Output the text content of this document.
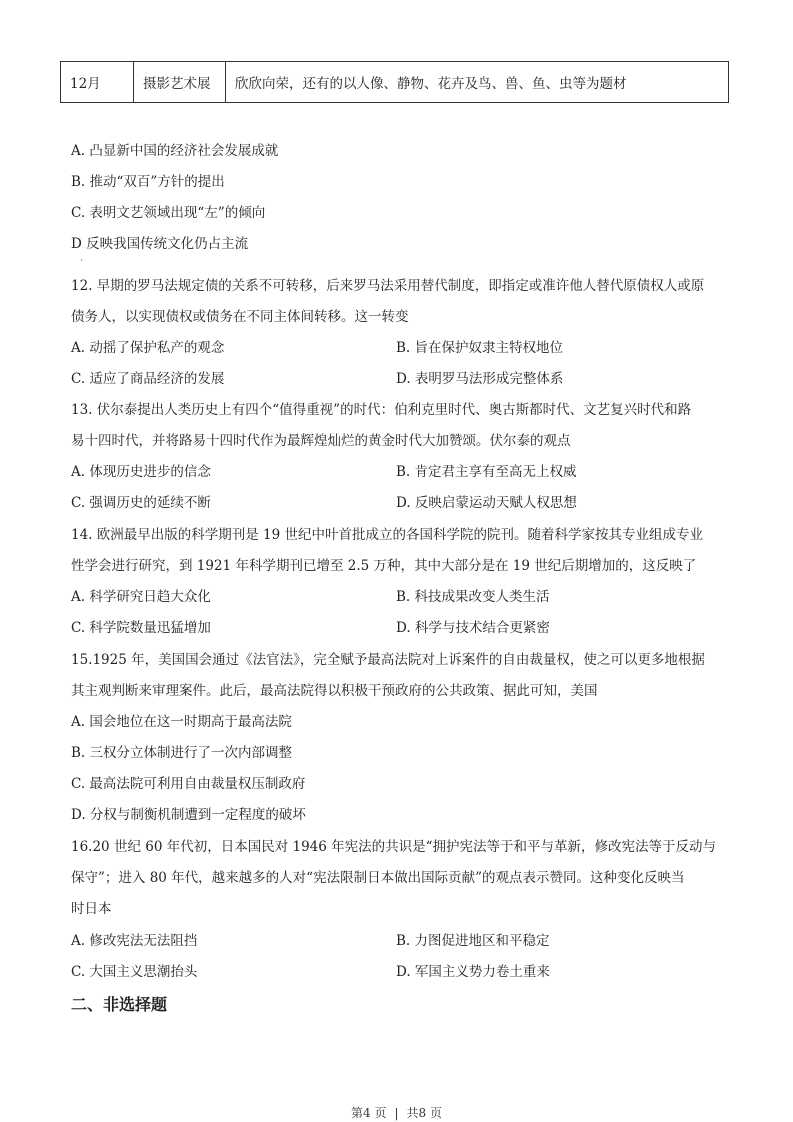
12月	摄影艺术展	欣欣向荣，还有的以人像、静物、花卉及鸟、兽、鱼、虫等为题材
A. 凸显新中国的经济社会发展成就
B. 推动“双百”方针的提出
C. 表明文艺领域出现“左”的倾向
D 反映我国传统文化仍占主流
·
12. 早期的罗马法规定债的关系不可转移，后来罗马法采用替代制度，即指定或准许他人替代原债权人或原
债务人，以实现债权或债务在不同主体间转移。这一转变
A. 动摇了保护私产的观念	B. 旨在保护奴隶主特权地位
C. 适应了商品经济的发展	D. 表明罗马法形成完整体系
13. 伏尔泰提出人类历史上有四个“值得重视”的时代：伯利克里时代、奥古斯都时代、文艺复兴时代和路
易十四时代，并将路易十四时代作为最辉煌灿烂的黄金时代大加赞颂。伏尔泰的观点
A. 体现历史进步的信念	B. 肯定君主享有至高无上权威
C. 强调历史的延续不断	D. 反映启蒙运动天赋人权思想
14. 欧洲最早出版的科学期刊是 19 世纪中叶首批成立的各国科学院的院刊。随着科学家按其专业组成专业
性学会进行研究，到 1921 年科学期刊已增至 2.5 万种，其中大部分是在 19 世纪后期增加的，这反映了
A. 科学研究日趋大众化	B. 科技成果改变人类生活
C. 科学院数量迅猛增加	D. 科学与技术结合更紧密
15.1925 年，美国国会通过《法官法》，完全赋予最高法院对上诉案件的自由裁量权，使之可以更多地根据
其主观判断来审理案件。此后，最高法院得以积极干预政府的公共政策、据此可知，美国
A. 国会地位在这一时期高于最高法院
B. 三权分立体制进行了一次内部调整
C. 最高法院可利用自由裁量权压制政府
D. 分权与制衡机制遭到一定程度的破坏
16.20 世纪 60 年代初，日本国民对 1946 年宪法的共识是“拥护宪法等于和平与革新，修改宪法等于反动与
保守”；进入 80 年代，越来越多的人对“宪法限制日本做出国际贡献”的观点表示赞同。这种变化反映当
时日本
A. 修改宪法无法阻挡	B. 力图促进地区和平稳定
C. 大国主义思潮抬头	D. 军国主义势力卷土重来
二、非选择题
第4 页 | 共8 页
